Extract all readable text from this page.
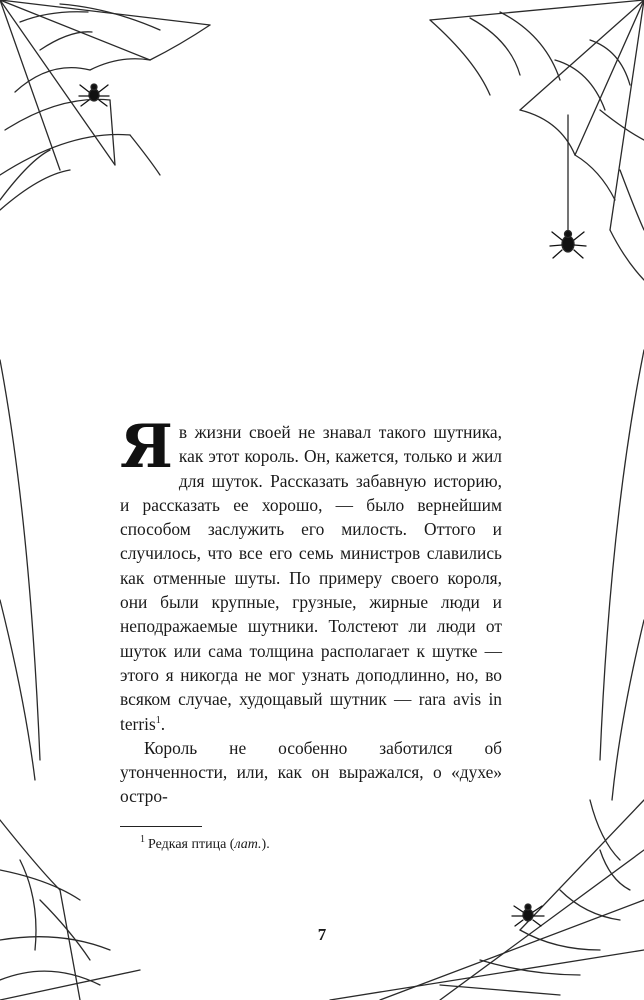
Яв жизни своей не знавал такого шутника, как этот король. Он, кажется, только и жил для шуток. Рассказать забавную историю, и рассказать ее хорошо, — было вернейшим способом заслужить его милость. Оттого и случилось, что все его семь министров славились как отменные шуты. По примеру своего короля, они были крупные, грузные, жирные люди и неподражаемые шутники. Толстеют ли люди от шуток или сама толщина располагает к шутке — этого я никогда не мог узнать доподлинно, но, во всяком случае, худощавый шутник — rara avis in terris$^1$.

Король не особенно заботился об утонченности, или, как он выражался, о «духе» остро-

$^1$ Редкая птица (лат.).
7
